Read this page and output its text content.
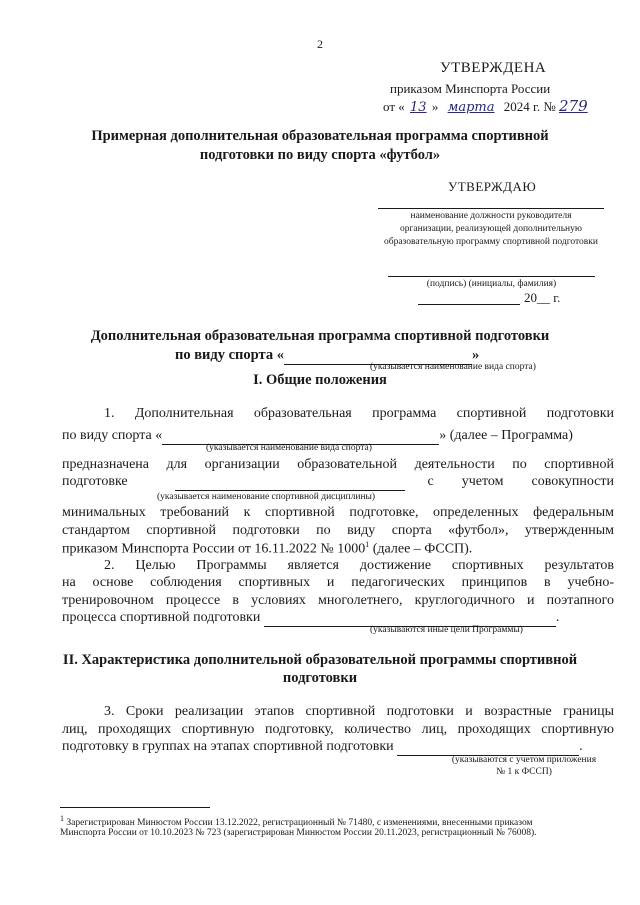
2
УТВЕРЖДЕНА
приказом Минспорта России
от « 13 » марта 2024 г. № 279
Примерная дополнительная образовательная программа спортивной
подготовки по виду спорта «футбол»
УТВЕРЖДАЮ
наименование должности руководителя
организации, реализующей дополнительную
образовательную программу спортивной подготовки
(подпись) (инициалы, фамилия)
20__ г.
Дополнительная образовательная программа спортивной подготовки
по виду спорта «	»
(указывается наименование вида спорта)
I. Общие положения
1. Дополнительная образовательная программа спортивной подготовки
по виду спорта «	» (далее – Программа)
(указывается наименование вида спорта)
предназначена для организации образовательной деятельности по спортивной
подготовке	с        учетом        совокупности
(указывается наименование спортивной дисциплины)
минимальных требований к спортивной подготовке, определенных федеральным
стандартом спортивной подготовки по виду спорта «футбол», утвержденным
приказом Минспорта России от 16.11.2022 № 1000$^1$ (далее – ФССП).
2. Целью Программы является достижение спортивных результатов
на основе соблюдения спортивных и педагогических принципов в учебно-
тренировочном процессе в условиях многолетнего, круглогодичного и поэтапного
процесса спортивной подготовки	.
(указываются иные цели Программы)
II. Характеристика дополнительной образовательной программы спортивной
подготовки
3. Сроки реализации этапов спортивной подготовки и возрастные границы
лиц, проходящих спортивную подготовку, количество лиц, проходящих спортивную
подготовку в группах на этапах спортивной подготовки	.
(указываются с учетом приложения
№ 1 к ФССП)
$^1$ Зарегистрирован Минюстом России 13.12.2022, регистрационный № 71480, с изменениями, внесенными приказом
Минспорта России от 10.10.2023 № 723 (зарегистрирован Минюстом России 20.11.2023, регистрационный № 76008).
